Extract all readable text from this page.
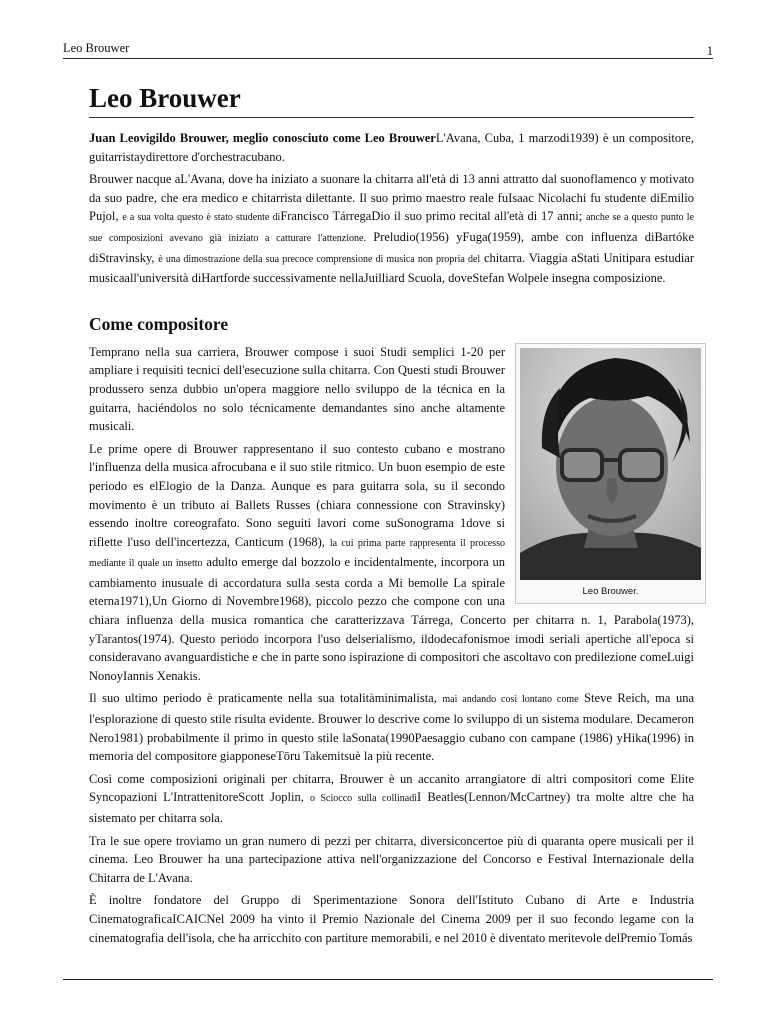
Leo Brouwer	1
Leo Brouwer

Juan Leovigildo Brouwer, meglio conosciuto come Leo BrouwerL'Avana, Cuba, 1 marzodi1939) è un compositore, guitarristaydirettore d'orchestracubano.

Brouwer nacque aL'Avana, dove ha iniziato a suonare la chitarra all'età di 13 anni attratto dal suonoflamenco y motivato da suo padre, che era medico e chitarrista dilettante. Il suo primo maestro reale fuIsaac Nicolachi fu studente diEmilio Pujol, e a sua volta questo è stato studente diFrancisco TárregaDio il suo primo recital all'età di 17 anni; anche se a questo punto le sue composizioni avevano già iniziato a catturare l'attenzione. Preludio(1956) yFuga(1959), ambe con influenza diBartóke diStravinsky, è una dimostrazione della sua precoce comprensione di musica non propria del chitarra. Viaggia aStati Unitipara estudiar musicaall'università diHartforde successivamente nellaJuilliard Scuola, doveStefan Wolpele insegna composizione.

Come compositore
Leo Brouwer.

Temprano nella sua carriera, Brouwer compose i suoi Studi semplici 1-20 per ampliare i requisiti tecnici dell'esecuzione sulla chitarra. Con Questi studi Brouwer produssero senza dubbio un'opera maggiore nello sviluppo de la técnica en la guitarra, haciéndolos no solo técnicamente demandantes sino anche altamente musicali.

Le prime opere di Brouwer rappresentano il suo contesto cubano e mostrano l'influenza della musica afrocubana e il suo stile ritmico. Un buon esempio de este periodo es elElogio de la Danza. Aunque es para guitarra sola, su il secondo movimento è un tributo ai Ballets Russes (chiara connessione con Stravinsky) essendo inoltre coreografato. Sono seguiti lavori come suSonograma 1dove si riflette l'uso dell'incertezza, Canticum (1968), la cui prima parte rappresenta il processo mediante il quale un insetto adulto emerge dal bozzolo e incidentalmente, incorpora un cambiamento inusuale di accordatura sulla sesta corda a Mi bemolle La spirale eterna1971),Un Giorno di Novembre1968), piccolo pezzo che compone con una chiara influenza della musica romantica che caratterizzava Tárrega, Concerto per chitarra n. 1, Parabola(1973), yTarantos(1974). Questo periodo incorpora l'uso delserialismo, ildodecafonismoe imodi seriali apertiche all'epoca si consideravano avanguardistiche e che in parte sono ispirazione di compositori che ascoltavo con predilezione comeLuigi NonoyIannis Xenakis.

Il suo ultimo periodo è praticamente nella sua totalitàminimalista, mai andando così lontano come Steve Reich, ma una l'esplorazione di questo stile risulta evidente. Brouwer lo descrive come lo sviluppo di un sistema modulare. Decameron Nero1981) probabilmente il primo in questo stile laSonata(1990Paesaggio cubano con campane (1986) yHika(1996) in memoria del compositore giapponeseTōru Takemitsuè la più recente.

Così come composizioni originali per chitarra, Brouwer è un accanito arrangiatore di altri compositori come Elite Syncopazioni L'IntrattenitoreScott Joplin, o Sciocco sulla collinadiI Beatles(Lennon/McCartney) tra molte altre che ha sistemato per chitarra sola.

Tra le sue opere troviamo un gran numero di pezzi per chitarra, diversiconcertoe più di quaranta opere musicali per il cinema. Leo Brouwer ha una partecipazione attiva nell'organizzazione del Concorso e Festival Internazionale della Chitarra de L'Avana.

È inoltre fondatore del Gruppo di Sperimentazione Sonora dell'Istituto Cubano di Arte e Industria CinematograficaICAICNel 2009 ha vinto il Premio Nazionale del Cinema 2009 per il suo fecondo legame con la cinematografia dell'isola, che ha arricchito con partiture memorabili, e nel 2010 è diventato meritevole delPremio Tomás
